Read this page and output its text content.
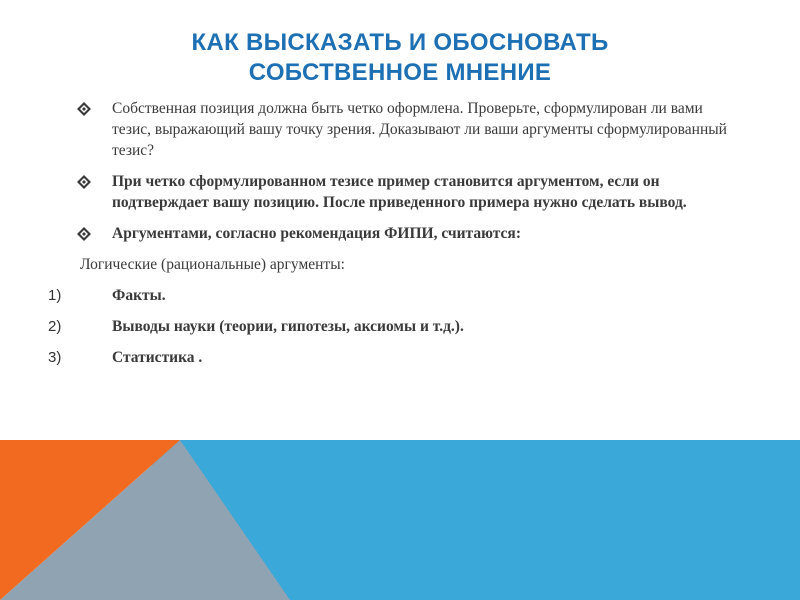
КАК ВЫСКАЗАТЬ И ОБОСНОВАТЬ
СОБСТВЕННОЕ МНЕНИЕ
Собственная позиция должна быть четко оформлена. Проверьте, сформулирован ли вами тезис, выражающий вашу точку зрения. Доказывают ли ваши аргументы сформулированный тезис?
При четко сформулированном тезисе пример становится аргументом, если он подтверждает вашу позицию. После приведенного примера нужно сделать вывод.
Аргументами, согласно рекомендация ФИПИ, считаются:
Логические (рациональные) аргументы:
1)	Факты.
2)	Выводы науки (теории, гипотезы, аксиомы и т.д.).
3)	Статистика .
